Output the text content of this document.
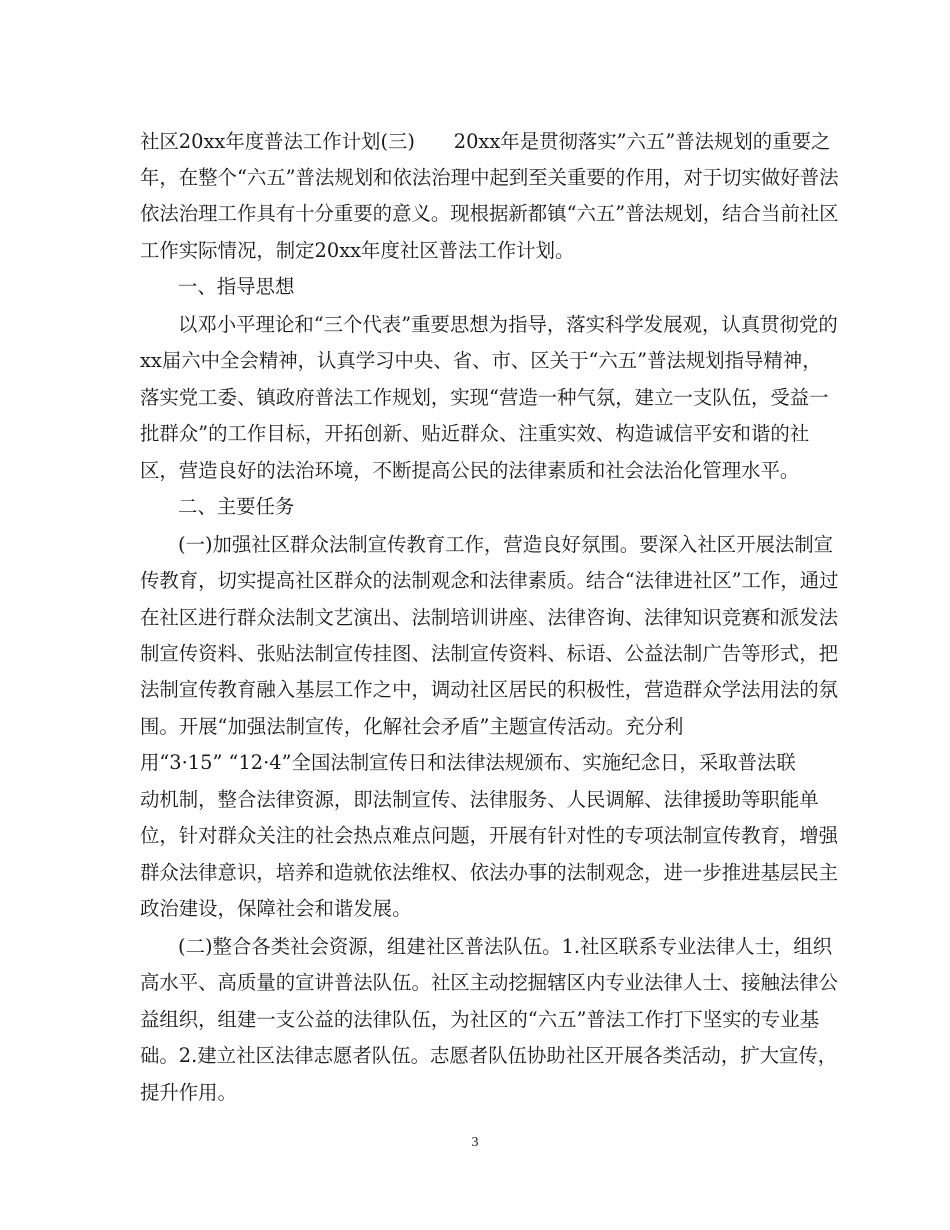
社区20xx年度普法工作计划(三)　　20xx年是贯彻落实”六五”普法规划的重要之
年，在整个“六五”普法规划和依法治理中起到至关重要的作用，对于切实做好普法
依法治理工作具有十分重要的意义。现根据新都镇“六五”普法规划，结合当前社区
工作实际情况，制定20xx年度社区普法工作计划。
一、指导思想
以邓小平理论和“三个代表”重要思想为指导，落实科学发展观，认真贯彻党的
xx届六中全会精神，认真学习中央、省、市、区关于“六五”普法规划指导精神，
落实党工委、镇政府普法工作规划，实现“营造一种气氛，建立一支队伍，受益一
批群众”的工作目标，开拓创新、贴近群众、注重实效、构造诚信平安和谐的社
区，营造良好的法治环境，不断提高公民的法律素质和社会法治化管理水平。
二、主要任务
(一)加强社区群众法制宣传教育工作，营造良好氛围。要深入社区开展法制宣
传教育，切实提高社区群众的法制观念和法律素质。结合“法律进社区”工作，通过
在社区进行群众法制文艺演出、法制培训讲座、法律咨询、法律知识竞赛和派发法
制宣传资料、张贴法制宣传挂图、法制宣传资料、标语、公益法制广告等形式，把
法制宣传教育融入基层工作之中，调动社区居民的积极性，营造群众学法用法的氛
围。开展“加强法制宣传，化解社会矛盾”主题宣传活动。充分利
用“3·15” “12·4”全国法制宣传日和法律法规颁布、实施纪念日，采取普法联
动机制，整合法律资源，即法制宣传、法律服务、人民调解、法律援助等职能单
位，针对群众关注的社会热点难点问题，开展有针对性的专项法制宣传教育，增强
群众法律意识，培养和造就依法维权、依法办事的法制观念，进一步推进基层民主
政治建设，保障社会和谐发展。
(二)整合各类社会资源，组建社区普法队伍。1.社区联系专业法律人士，组织
高水平、高质量的宣讲普法队伍。社区主动挖掘辖区内专业法律人士、接触法律公
益组织，组建一支公益的法律队伍，为社区的“六五”普法工作打下坚实的专业基
础。2.建立社区法律志愿者队伍。志愿者队伍协助社区开展各类活动，扩大宣传，
提升作用。
3
